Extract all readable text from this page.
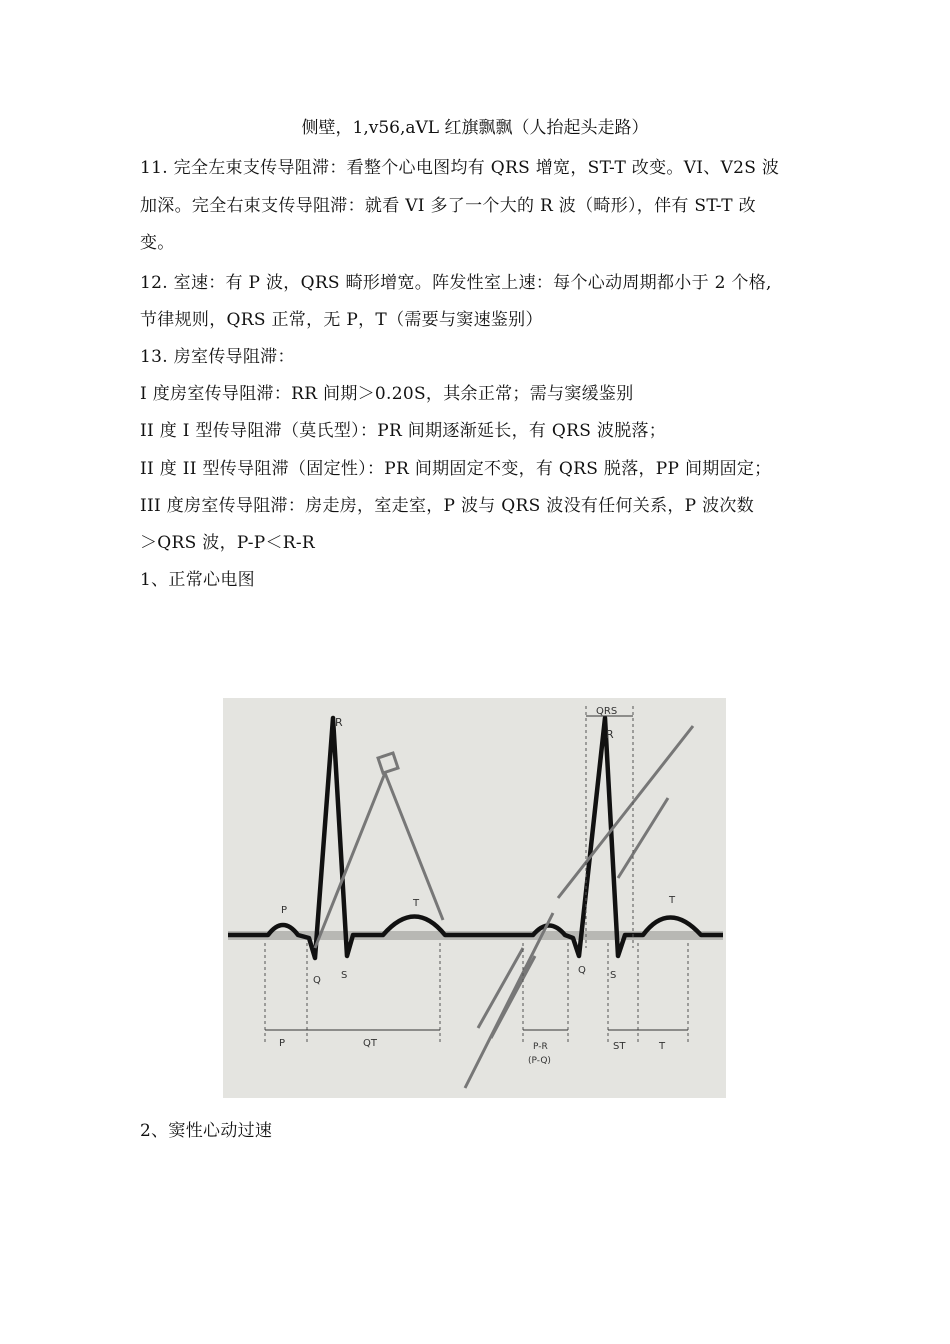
侧壁，1,v56,aVL 红旗飘飘（人抬起头走路）
11. 完全左束支传导阻滞：看整个心电图均有 QRS 增宽，ST-T 改变。VI、V2S 波
加深。完全右束支传导阻滞：就看 VI 多了一个大的 R 波（畸形），伴有 ST-T 改
变。
12. 室速：有 P 波，QRS 畸形增宽。阵发性室上速：每个心动周期都小于 2 个格,
节律规则，QRS 正常，无 P，T（需要与窦速鉴别）
13. 房室传导阻滞：
I 度房室传导阻滞：RR 间期＞0.20S，其余正常；需与窦缓鉴别
II 度 I 型传导阻滞（莫氏型）：PR 间期逐渐延长，有 QRS 波脱落；
II 度 II 型传导阻滞（固定性）：PR 间期固定不变，有 QRS 脱落，PP 间期固定；
III 度房室传导阻滞：房走房，室走室，P 波与 QRS 波没有任何关系，P 波次数
＞QRS 波，P-P＜R-R
1、正常心电图
P
R
Q S
T
QRS
R
Q S
T
P	QT	P-R
(P-Q)
ST	T
2、窦性心动过速
